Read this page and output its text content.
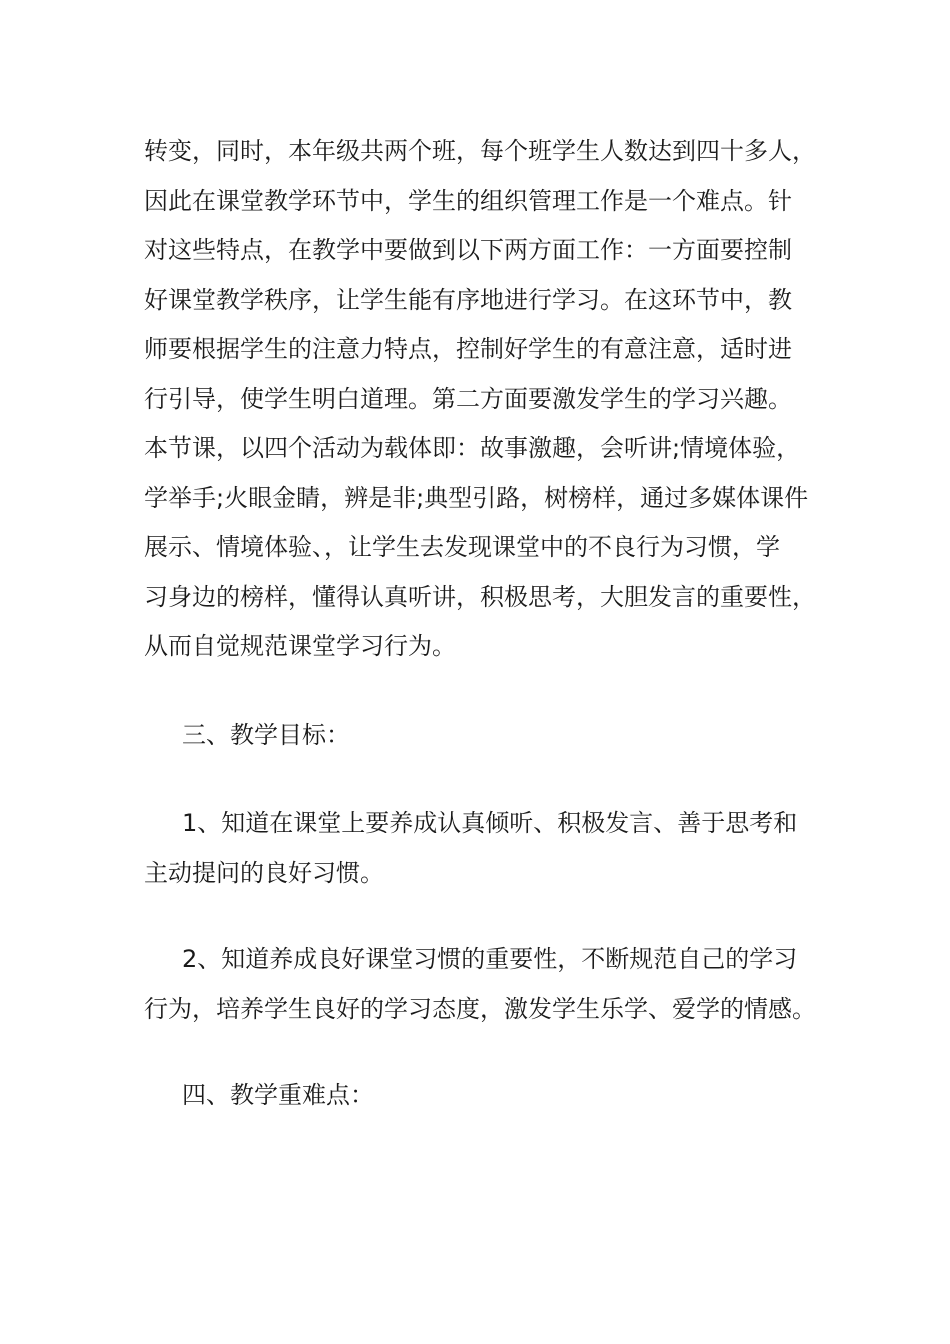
转变，同时，本年级共两个班，每个班学生人数达到四十多人，
因此在课堂教学环节中，学生的组织管理工作是一个难点。针
对这些特点，在教学中要做到以下两方面工作：一方面要控制
好课堂教学秩序，让学生能有序地进行学习。在这环节中，教
师要根据学生的注意力特点，控制好学生的有意注意，适时进
行引导，使学生明白道理。第二方面要激发学生的学习兴趣。
本节课，以四个活动为载体即：故事激趣，会听讲;情境体验，
学举手;火眼金睛，辨是非;典型引路，树榜样，通过多媒体课件
展示、情境体验、，让学生去发现课堂中的不良行为习惯，学
习身边的榜样，懂得认真听讲，积极思考，大胆发言的重要性，
从而自觉规范课堂学习行为。
三、教学目标：
1、知道在课堂上要养成认真倾听、积极发言、善于思考和
主动提问的良好习惯。
2、知道养成良好课堂习惯的重要性，不断规范自己的学习
行为，培养学生良好的学习态度，激发学生乐学、爱学的情感。
四、教学重难点：
